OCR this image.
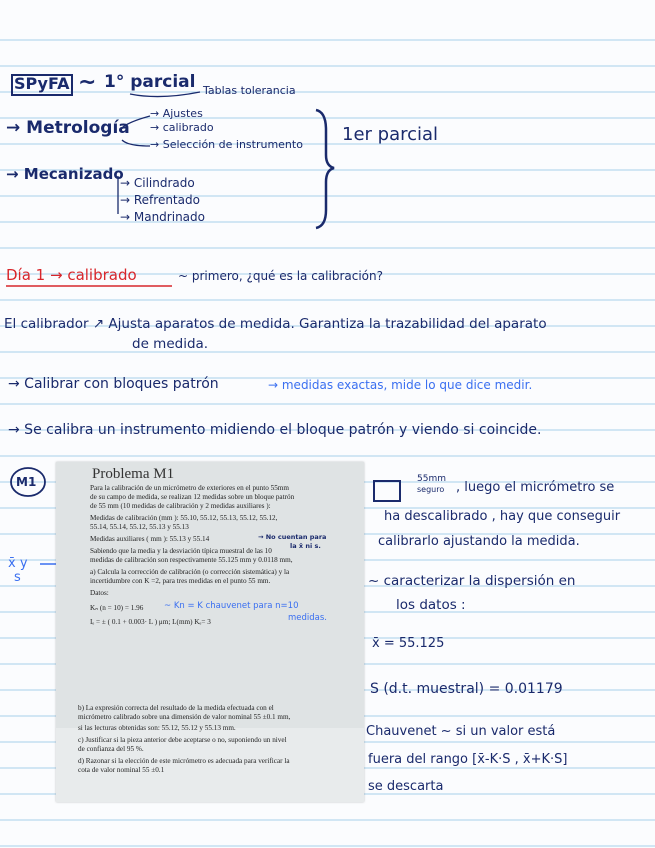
SPyFA ~ 1° parcial Tablas tolerancia
→ Metrología
→ Ajustes
→ calibrado
→ Selección de instrumento
→ Mecanizado
→ Cilindrado
→ Refrentado
→ Mandrinado
1er parcial
Día 1 → calibrado	~ primero, ¿qué es la calibración?
El calibrador ↗ Ajusta aparatos de medida. Garantiza la trazabilidad del aparato
de medida.
→ Calibrar con bloques patrón	→ medidas exactas, mide lo que dice medir.
→ Se calibra un instrumento midiendo el bloque patrón y viendo si coincide.
M1
x̄ y
s
Problema M1
Para la calibración de un micrómetro de exteriores en el punto 55mm
de su campo de medida, se realizan 12 medidas sobre un bloque patrón
de 55 mm (10 medidas de calibración y 2 medidas auxiliares ):
Medidas de calibración (mm ): 55.10, 55.12, 55.13, 55.12, 55.12,
55.14, 55.14, 55.12, 55.13 y 55.13
Medidas auxiliares ( mm ): 55.13 y 55.14
Sabiendo que la media y la desviación típica muestral de las 10
medidas de calibración son respectivamente 55.125 mm y 0.0118 mm,
a) Calcula la corrección de calibración (o corrección sistemática) y la
incertidumbre con K =2, para tres medidas en el punto 55 mm.
Datos:
Kₙ (n = 10) = 1.96
Iₑ = ± ( 0.1 + 0.003· L ) μm; L(mm) Kₑ= 3
→ No cuentan para
la x̄ ni s.
~ Kn = K chauvenet para n=10
medidas.
b) La expresión correcta del resultado de la medida efectuada con el
micrómetro calibrado sobre una dimensión de valor nominal 55 ±0.1 mm,
si las lecturas obtenidas son: 55.12, 55.12 y 55.13 mm.
c) Justificar si la pieza anterior debe aceptarse o no, suponiendo un nivel
de confianza del 95 %.
d) Razonar si la elección de este micrómetro es adecuada para verificar la
cota de valor nominal 55 ±0.1
55mm
seguro , luego el micrómetro se
ha descalibrado , hay que conseguir
calibrarlo ajustando la medida.
~ caracterizar la dispersión en
los datos :
x̄ = 55.125
S (d.t. muestral) = 0.01179
Chauvenet ~ si un valor está
fuera del rango [x̄-K·S , x̄+K·S]
se descarta
